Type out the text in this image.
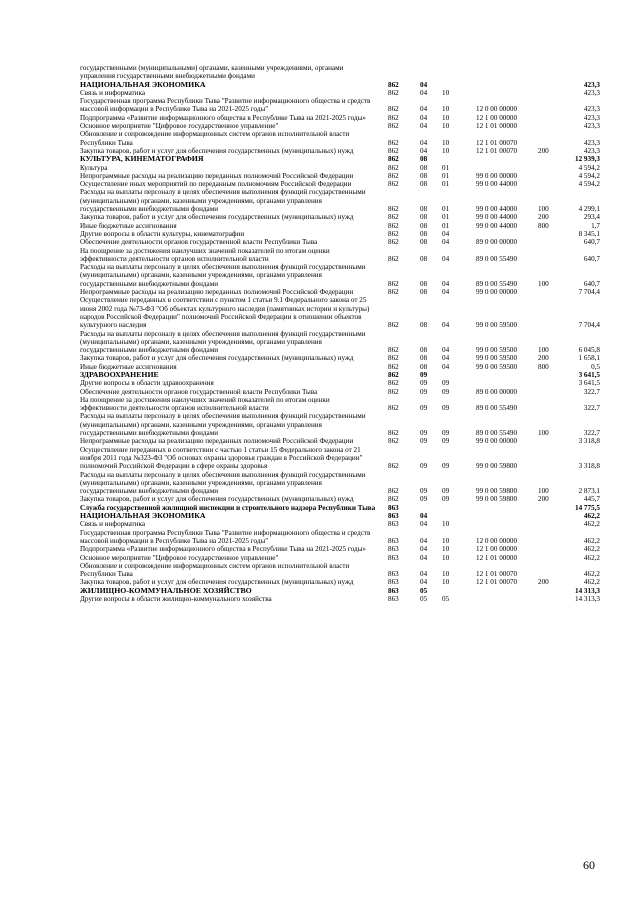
государственными (муниципальными) органами, казенными учреждениями, органами управления государственными внебюджетными фондами						
НАЦИОНАЛЬНАЯ ЭКОНОМИКА	862	04				423,3
Связь и информатика	862	04	10			423,3
Государственная программа Республики Тыва "Развитие информационного общества и средств массовой информации в Республике Тыва на 2021-2025 годы"	862	04	10	12 0 00 00000		423,3
Подпрограмма «Развитие информационного общества в Республике Тыва на 2021-2025 годы»	862	04	10	12 1 00 00000		423,3
Основное мероприятие "Цифровое государственное управление"	862	04	10	12 1 01 00000		423,3
Обновление и сопровождение информационных систем органов исполнительной власти Республики Тыва	862	04	10	12 1 01 00070		423,3
Закупка товаров, работ и услуг для обеспечения государственных (муниципальных) нужд	862	04	10	12 1 01 00070	200	423,3
КУЛЬТУРА, КИНЕМАТОГРАФИЯ	862	08				12 939,3
Культура	862	08	01			4 594,2
Непрограммные расходы на реализацию переданных полномочий Российской Федерации	862	08	01	99 0 00 00000		4 594,2
Осуществление иных мероприятий по переданным полномочиям Российской Федерации	862	08	01	99 0 00 44000		4 594,2
Расходы на выплаты персоналу в целях обеспечения выполнения функций государственными (муниципальными) органами, казенными учреждениями, органами управления государственными внебюджетными фондами	862	08	01	99 0 00 44000	100	4 299,1
Закупка товаров, работ и услуг для обеспечения государственных (муниципальных) нужд	862	08	01	99 0 00 44000	200	293,4
Иные бюджетные ассигнования	862	08	01	99 0 00 44000	800	1,7
Другие вопросы в области культуры, кинематографии	862	08	04			8 345,1
Обеспечение деятельности органов государственной власти Республики Тыва	862	08	04	89 0 00 00000		640,7
На поощрение за достижения наилучших значений показателей по итогам оценки эффективности деятельности органов исполнительной власти	862	08	04	89 0 00 55490		640,7
Расходы на выплаты персоналу в целях обеспечения выполнения функций государственными (муниципальными) органами, казенными учреждениями, органами управления государственными внебюджетными фондами	862	08	04	89 0 00 55490	100	640,7
Непрограммные расходы на реализацию переданных полномочий Российской Федерации	862	08	04	99 0 00 00000		7 704,4
Осуществление переданных в соответствии с пунктом 1 статьи 9.1 Федерального закона от 25 июня 2002 года №73-ФЗ "Об объектах культурного наследия (памятниках истории и культуры) народов Российской Федерации" полномочий Российской Федерации в отношении объектов культурного наследия	862	08	04	99 0 00 59500		7 704,4
Расходы на выплаты персоналу в целях обеспечения выполнения функций государственными (муниципальными) органами, казенными учреждениями, органами управления государственными внебюджетными фондами	862	08	04	99 0 00 59500	100	6 045,8
Закупка товаров, работ и услуг для обеспечения государственных (муниципальных) нужд	862	08	04	99 0 00 59500	200	1 658,1
Иные бюджетные ассигнования	862	08	04	99 0 00 59500	800	0,5
ЗДРАВООХРАНЕНИЕ	862	09				3 641,5
Другие вопросы в области здравоохранения	862	09	09			3 641,5
Обеспечение деятельности органов государственной власти Республики Тыва	862	09	09	89 0 00 00000		322,7
На поощрение за достижения наилучших значений показателей по итогам оценки эффективности деятельности органов исполнительной власти	862	09	09	89 0 00 55490		322,7
Расходы на выплаты персоналу в целях обеспечения выполнения функций государственными (муниципальными) органами, казенными учреждениями, органами управления государственными внебюджетными фондами	862	09	09	89 0 00 55490	100	322,7
Непрограммные расходы на реализацию переданных полномочий Российской Федерации	862	09	09	99 0 00 00000		3 318,8
Осуществление переданных в соответствии с частью 1 статьи 15 Федерального закона от 21 ноября 2011 года №323-ФЗ "Об основах охраны здоровья граждан в Российской Федерации" полномочий Российской Федерации в сфере охраны здоровья	862	09	09	99 0 00 59800		3 318,8
Расходы на выплаты персоналу в целях обеспечения выполнения функций государственными (муниципальными) органами, казенными учреждениями, органами управления государственными внебюджетными фондами	862	09	09	99 0 00 59800	100	2 873,1
Закупка товаров, работ и услуг для обеспечения государственных (муниципальных) нужд	862	09	09	99 0 00 59800	200	445,7
Служба государственной жилищной инспекции и строительного надзора Республики Тыва	863					14 775,5
НАЦИОНАЛЬНАЯ ЭКОНОМИКА	863	04				462,2
Связь и информатика	863	04	10			462,2
Государственная программа Республики Тыва "Развитие информационного общества и средств массовой информации в Республике Тыва на 2021-2025 годы"	863	04	10	12 0 00 00000		462,2
Подпрограмма «Развитие информационного общества в Республике Тыва на 2021-2025 годы»	863	04	10	12 1 00 00000		462,2
Основное мероприятие "Цифровое государственное управление"	863	04	10	12 1 01 00000		462,2
Обновление и сопровождение информационных систем органов исполнительной власти Республики Тыва	863	04	10	12 1 01 00070		462,2
Закупка товаров, работ и услуг для обеспечения государственных (муниципальных) нужд	863	04	10	12 1 01 00070	200	462,2
ЖИЛИЩНО-КОММУНАЛЬНОЕ ХОЗЯЙСТВО	863	05				14 313,3
Другие вопросы в области жилищно-коммунального хозяйства	863	05	05			14 313,3
60
